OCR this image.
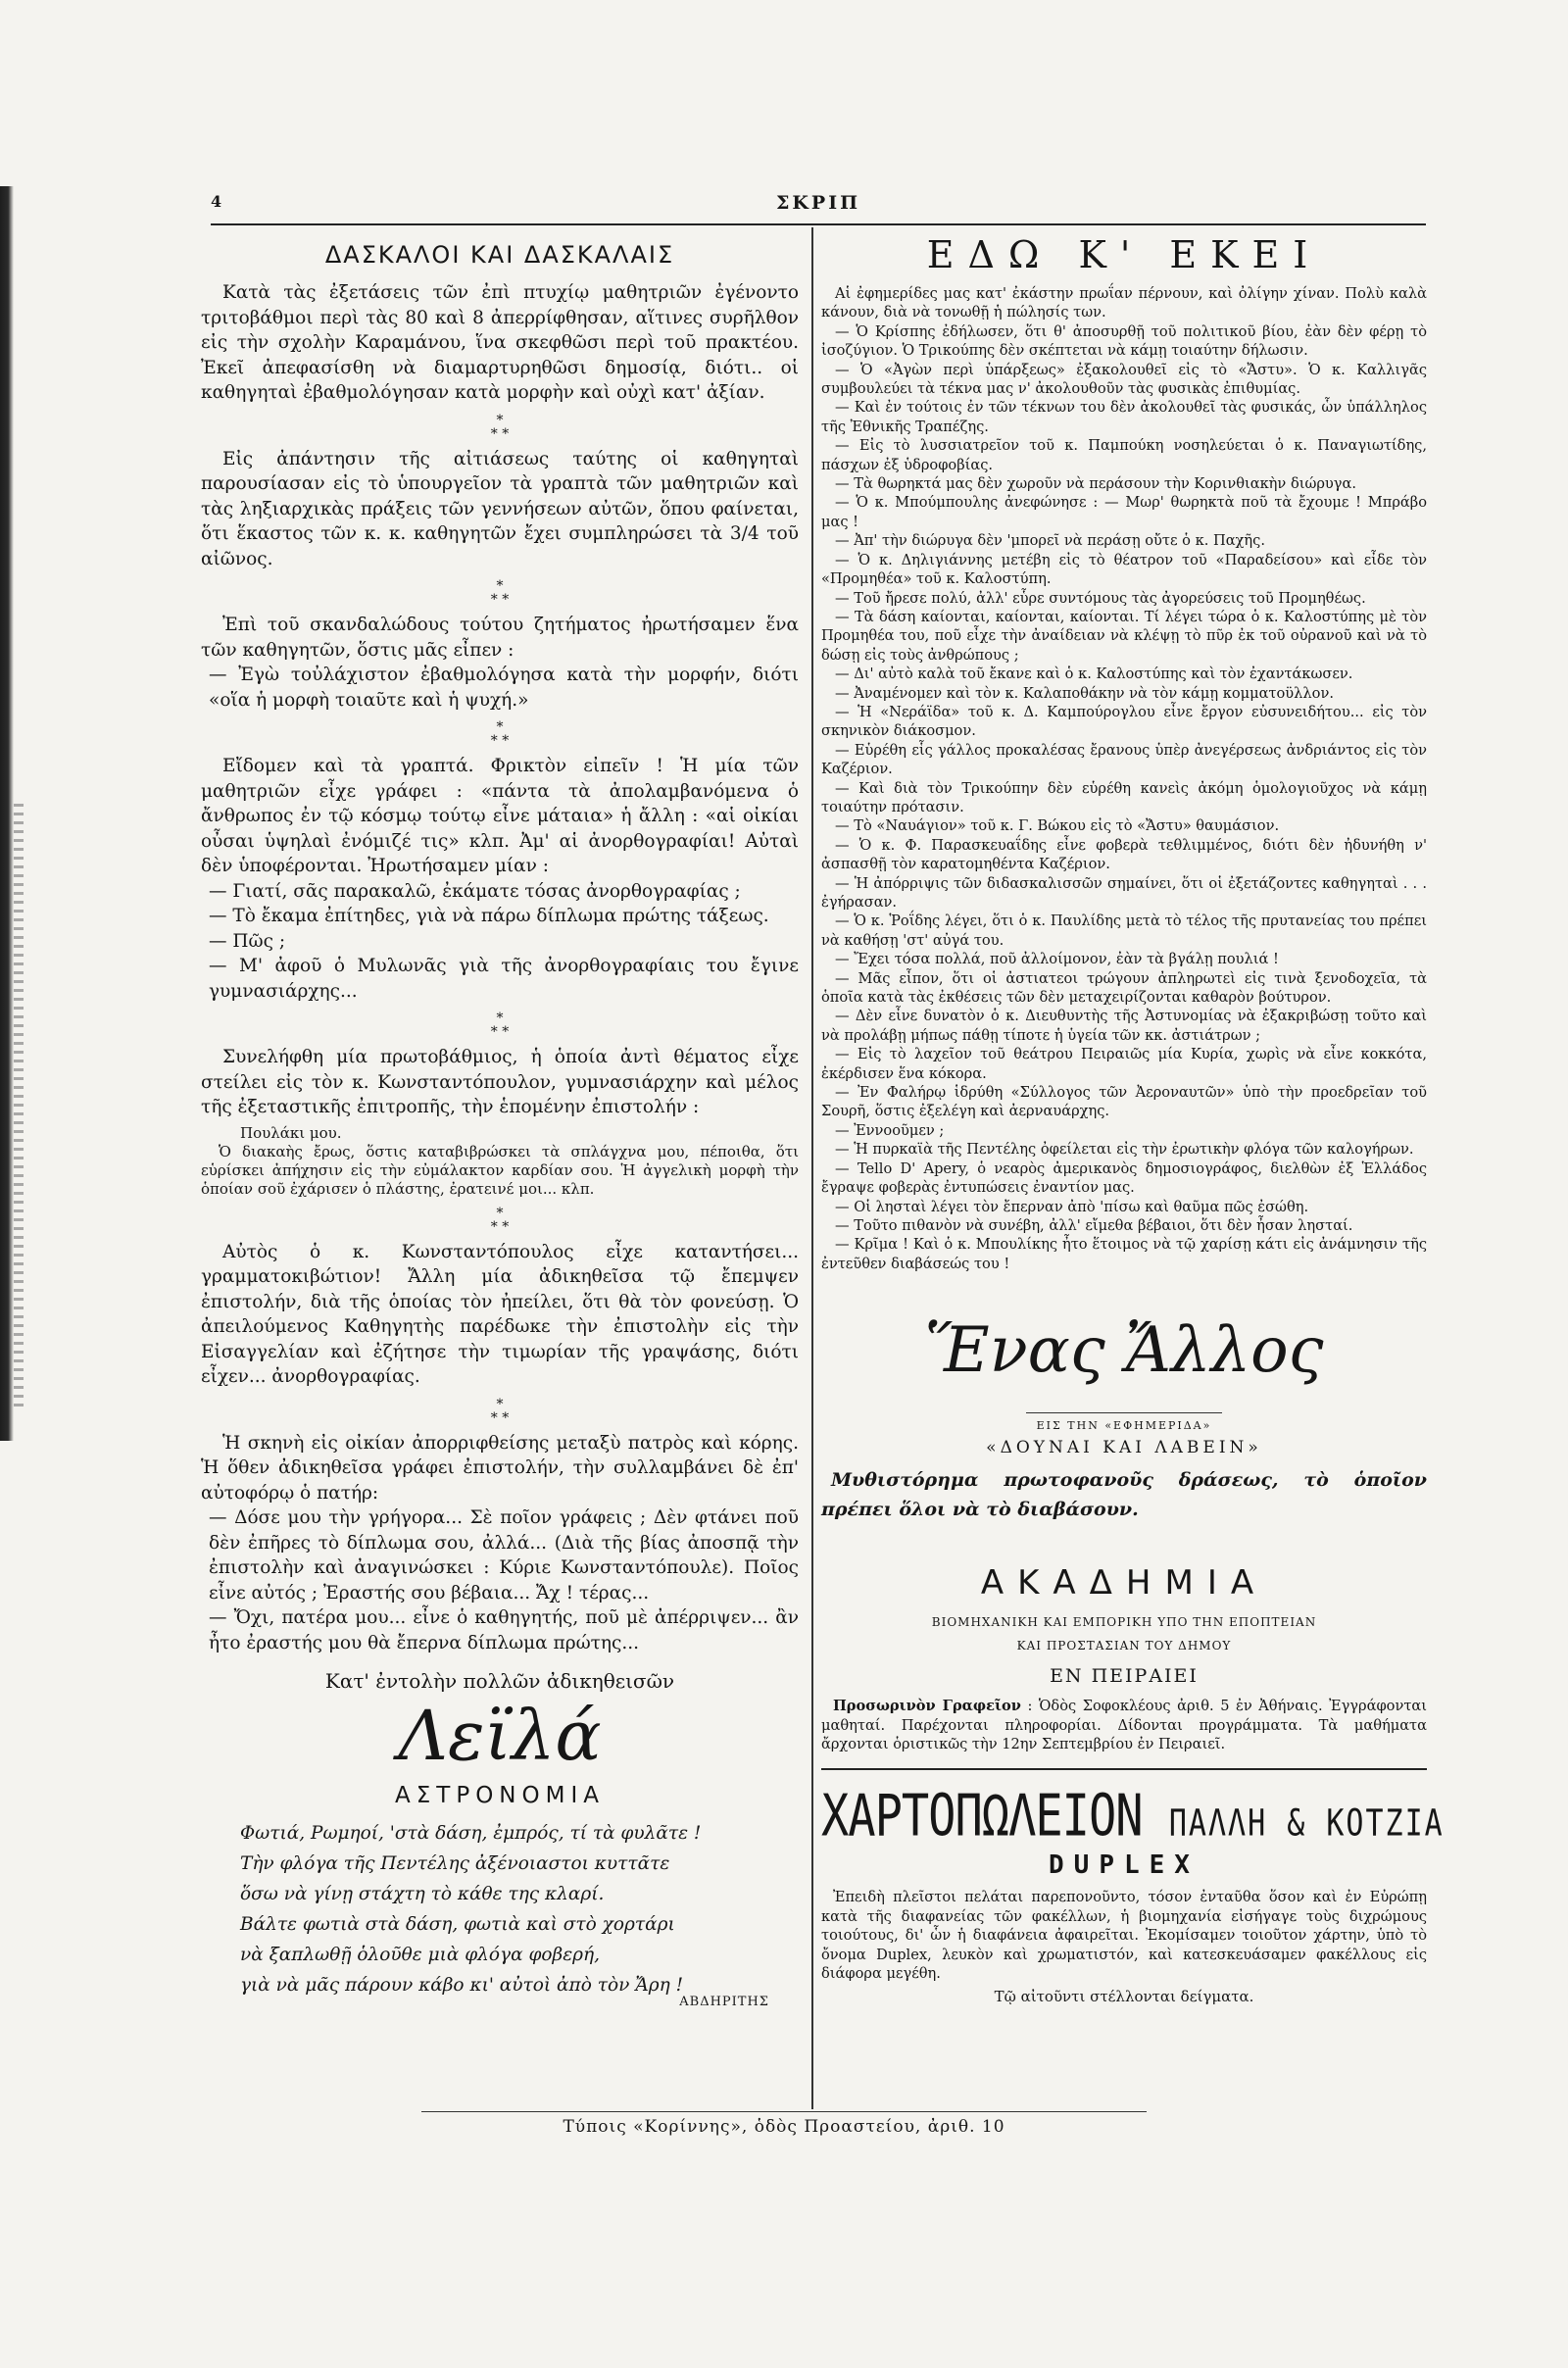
4	ΣΚΡΙΠ
ΔΑΣΚΑΛΟΙ ΚΑΙ ΔΑΣΚΑΛΑΙΣ

Κατὰ τὰς ἐξετάσεις τῶν ἐπὶ πτυχίῳ μαθητριῶν ἐγένοντο τριτοβάθμοι περὶ τὰς 80 καὶ 8 ἀπερρίφθησαν, αἵτινες συρῆλθον εἰς τὴν σχολὴν Καραμάνου, ἵνα σκεφθῶσι περὶ τοῦ πρακτέου. Ἐκεῖ ἀπεφασίσθη νὰ διαμαρτυρηθῶσι δημοσίᾳ, διότι.. οἱ καθηγηταὶ ἐβαθμολόγησαν κατὰ μορφὴν καὶ οὐχὶ κατ' ἀξίαν.

*
* *

Εἰς ἀπάντησιν τῆς αἰτιάσεως ταύτης οἱ καθηγηταὶ παρουσίασαν εἰς τὸ ὑπουργεῖον τὰ γραπτὰ τῶν μαθητριῶν καὶ τὰς ληξιαρχικὰς πράξεις τῶν γεννήσεων αὐτῶν, ὅπου φαίνεται, ὅτι ἕκαστος τῶν κ. κ. καθηγητῶν ἔχει συμπληρώσει τὰ 3/4 τοῦ αἰῶνος.

*
* *

Ἐπὶ τοῦ σκανδαλώδους τούτου ζητήματος ἠρωτήσαμεν ἕνα τῶν καθηγητῶν, ὅστις μᾶς εἶπεν :

— Ἐγὼ τοὐλάχιστον ἐβαθμολόγησα κατὰ τὴν μορφήν, διότι «οἵα ἡ μορφὴ τοιαῦτε καὶ ἡ ψυχή.»

*
* *

Εἴδομεν καὶ τὰ γραπτά. Φρικτὸν εἰπεῖν ! Ἡ μία τῶν μαθητριῶν εἶχε γράφει : «πάντα τὰ ἀπολαμβανόμενα ὁ ἄνθρωπος ἐν τῷ κόσμῳ τούτῳ εἶνε μάταια» ἡ ἄλλη : «αἱ οἰκίαι οὖσαι ὑψηλαὶ ἐνόμιζέ τις» κλπ. Ἀμ' αἱ ἀνορθογραφίαι! Αὐταὶ δὲν ὑποφέρονται. Ἠρωτήσαμεν μίαν :

— Γιατί, σᾶς παρακαλῶ, ἐκάματε τόσας ἀνορθογραφίας ;

— Τὸ ἔκαμα ἐπίτηδες, γιὰ νὰ πάρω δίπλωμα πρώτης τάξεως.

— Πῶς ;

— Μ' ἀφοῦ ὁ Μυλωνᾶς γιὰ τῆς ἀνορθογραφίαις του ἔγινε γυμνασιάρχης...

*
* *

Συνελήφθη μία πρωτοβάθμιος, ἡ ὁποία ἀντὶ θέματος εἶχε στείλει εἰς τὸν κ. Κωνσταντόπουλον, γυμνασιάρχην καὶ μέλος τῆς ἐξεταστικῆς ἐπιτροπῆς, τὴν ἑπομένην ἐπιστολήν :

Πουλάκι μου.

Ὁ διακαὴς ἔρως, ὅστις καταβιβρώσκει τὰ σπλάγχνα μου, πέποιθα, ὅτι εὑρίσκει ἀπήχησιν εἰς τὴν εὐμάλακτον καρδίαν σου. Ἡ ἀγγελικὴ μορφὴ τὴν ὁποίαν σοῦ ἐχάρισεν ὁ πλάστης, ἐρατεινέ μοι... κλπ.

*
* *

Αὐτὸς ὁ κ. Κωνσταντόπουλος εἶχε καταντήσει... γραμματοκιβώτιον! Ἄλλη μία ἀδικηθεῖσα τῷ ἔπεμψεν ἐπιστολήν, διὰ τῆς ὁποίας τὸν ἠπείλει, ὅτι θὰ τὸν φονεύσῃ. Ὁ ἀπειλούμενος Καθηγητὴς παρέδωκε τὴν ἐπιστολὴν εἰς τὴν Εἰσαγγελίαν καὶ ἐζήτησε τὴν τιμωρίαν τῆς γραψάσης, διότι εἶχεν... ἀνορθογραφίας.

*
* *

Ἡ σκηνὴ εἰς οἰκίαν ἀπορριφθείσης μεταξὺ πατρὸς καὶ κόρης. Ἡ ὅθεν ἀδικηθεῖσα γράφει ἐπιστολήν, τὴν συλλαμβάνει δὲ ἐπ' αὐτοφόρῳ ὁ πατήρ:

— Δόσε μου τὴν γρήγορα... Σὲ ποῖον γράφεις ; Δὲν φτάνει ποῦ δὲν ἐπῆρες τὸ δίπλωμα σου, ἀλλά... (Διὰ τῆς βίας ἀποσπᾷ τὴν ἐπιστολὴν καὶ ἀναγινώσκει : Κύριε Κωνσταντόπουλε). Ποῖος εἶνε αὐτός ; Ἐραστής σου βέβαια... Ἄχ ! τέρας...

— Ὄχι, πατέρα μου... εἶνε ὁ καθηγητής, ποῦ μὲ ἀπέρριψεν... ἂν ἦτο ἐραστής μου θὰ ἔπερνα δίπλωμα πρώτης...

Κατ' ἐντολὴν πολλῶν ἀδικηθεισῶν
Λεϊλά
ΑΣΤΡΟΝΟΜΙΑ
Φωτιά, Ρωμηοί, 'στὰ δάση, ἐμπρός, τί τὰ φυλᾶτε !
Τὴν φλόγα τῆς Πεντέλης ἀξένοιαστοι κυττᾶτε
ὅσω νὰ γίνῃ στάχτη τὸ κάθε της κλαρί.
Βάλτε φωτιὰ στὰ δάση, φωτιὰ καὶ στὸ χορτάρι
νὰ ξαπλωθῇ ὁλοῦθε μιὰ φλόγα φοβερή,
γιὰ νὰ μᾶς πάρουν κάβο κι' αὐτοὶ ἀπὸ τὸν Ἄρη !
ΑΒΔΗΡΙΤΗΣ
ΕΔΩ Κ' ΕΚΕΙ

Αἱ ἐφημερίδες μας κατ' ἐκάστην πρωΐαν πέρνουν, καὶ ὀλίγην χίναν. Πολὺ καλὰ κάνουν, διὰ νὰ τονωθῇ ἡ πώλησίς των.

— Ὁ Κρίσπης ἐδήλωσεν, ὅτι θ' ἀποσυρθῇ τοῦ πολιτικοῦ βίου, ἐὰν δὲν φέρῃ τὸ ἰσοζύγιον. Ὁ Τρικούπης δὲν σκέπτεται νὰ κάμῃ τοιαύτην δήλωσιν.

— Ὁ «Ἀγὼν περὶ ὑπάρξεως» ἐξακολουθεῖ εἰς τὸ «Ἄστυ». Ὁ κ. Καλλιγᾶς συμβουλεύει τὰ τέκνα μας ν' ἀκολουθοῦν τὰς φυσικὰς ἐπιθυμίας.

— Καὶ ἐν τούτοις ἐν τῶν τέκνων του δὲν ἀκολουθεῖ τὰς φυσικάς, ὧν ὑπάλληλος τῆς Ἐθνικῆς Τραπέζης.

— Εἰς τὸ λυσσιατρεῖον τοῦ κ. Παμπούκη νοσηλεύεται ὁ κ. Παναγιωτίδης, πάσχων ἐξ ὑδροφοβίας.

— Τὰ θωρηκτά μας δὲν χωροῦν νὰ περάσουν τὴν Κορινθιακὴν διώρυγα.

— Ὁ κ. Μπούμπουλης ἀνεφώνησε : — Μωρ' θωρηκτὰ ποῦ τὰ ἔχουμε ! Μπράβο μας !

— Ἀπ' τὴν διώρυγα δὲν 'μπορεῖ νὰ περάσῃ οὔτε ὁ κ. Παχῆς.

— Ὁ κ. Δηλιγιάννης μετέβη εἰς τὸ θέατρον τοῦ «Παραδείσου» καὶ εἶδε τὸν «Προμηθέα» τοῦ κ. Καλοστύπη.

— Τοῦ ἤρεσε πολύ, ἀλλ' εὗρε συντόμους τὰς ἀγορεύσεις τοῦ Προμηθέως.

— Τὰ δάση καίονται, καίονται, καίονται. Τί λέγει τώρα ὁ κ. Καλοστύπης μὲ τὸν Προμηθέα του, ποῦ εἶχε τὴν ἀναίδειαν νὰ κλέψῃ τὸ πῦρ ἐκ τοῦ οὐρανοῦ καὶ νὰ τὸ δώσῃ εἰς τοὺς ἀνθρώπους ;

— Δι' αὐτὸ καλὰ τοῦ ἔκανε καὶ ὁ κ. Καλοστύπης καὶ τὸν ἐχαντάκωσεν.

— Ἀναμένομεν καὶ τὸν κ. Καλαποθάκην νὰ τὸν κάμῃ κομματοϋλλον.

— Ἡ «Νεράϊδα» τοῦ κ. Δ. Καμπούρογλου εἶνε ἔργον εὐσυνειδήτου... εἰς τὸν σκηνικὸν διάκοσμον.

— Εὑρέθη εἷς γάλλος προκαλέσας ἔρανους ὑπὲρ ἀνεγέρσεως ἀνδριάντος εἰς τὸν Καζέριον.

— Καὶ διὰ τὸν Τρικούπην δὲν εὑρέθη κανεὶς ἀκόμη ὁμολογιοῦχος νὰ κάμῃ τοιαύτην πρότασιν.

— Τὸ «Ναυάγιον» τοῦ κ. Γ. Βώκου εἰς τὸ «Ἄστυ» θαυμάσιον.

— Ὁ κ. Φ. Παρασκευαΐδης εἶνε φοβερὰ τεθλιμμένος, διότι δὲν ἠδυνήθη ν' ἀσπασθῇ τὸν καρατομηθέντα Καζέριον.

— Ἡ ἀπόρριψις τῶν διδασκαλισσῶν σημαίνει, ὅτι οἱ ἐξετάζοντες καθηγηταὶ . . . ἐγήρασαν.

— Ὁ κ. Ῥοΐδης λέγει, ὅτι ὁ κ. Παυλίδης μετὰ τὸ τέλος τῆς πρυτανείας του πρέπει νὰ καθήσῃ 'στ' αὐγά του.

— Ἔχει τόσα πολλά, ποῦ ἀλλοίμονον, ἐὰν τὰ βγάλῃ πουλιά !

— Μᾶς εἶπον, ὅτι οἱ ἀστιατεοι τρώγουν ἀπληρωτεὶ εἰς τινὰ ξενοδοχεῖα, τὰ ὁποῖα κατὰ τὰς ἐκθέσεις τῶν δὲν μεταχειρίζονται καθαρὸν βούτυρον.

— Δὲν εἶνε δυνατὸν ὁ κ. Διευθυντὴς τῆς Ἀστυνομίας νὰ ἐξακριβώσῃ τοῦτο καὶ νὰ προλάβῃ μήπως πάθῃ τίποτε ἡ ὑγεία τῶν κκ. ἀστιάτρων ;

— Εἰς τὸ λαχεῖον τοῦ θεάτρου Πειραιῶς μία Κυρία, χωρὶς νὰ εἶνε κοκκότα, ἐκέρδισεν ἕνα κόκορα.

— Ἐν Φαλήρῳ ἱδρύθη «Σύλλογος τῶν Ἀεροναυτῶν» ὑπὸ τὴν προεδρεῖαν τοῦ Σουρῆ, ὅστις ἐξελέγη καὶ ἀερναυάρχης.

— Ἐννοοῦμεν ;

— Ἡ πυρκαϊὰ τῆς Πεντέλης ὀφείλεται εἰς τὴν ἐρωτικὴν φλόγα τῶν καλογήρων.

— Tello D' Apery, ὁ νεαρὸς ἀμερικανὸς δημοσιογράφος, διελθὼν ἐξ Ἑλλάδος ἔγραψε φοβερὰς ἐντυπώσεις ἐναντίον μας.

— Οἱ λησταὶ λέγει τὸν ἔπερναν ἀπὸ 'πίσω καὶ θαῦμα πῶς ἐσώθη.

— Τοῦτο πιθανὸν νὰ συνέβη, ἀλλ' εἴμεθα βέβαιοι, ὅτι δὲν ἦσαν λησταί.

— Κρῖμα ! Καὶ ὁ κ. Μπουλίκης ἦτο ἕτοιμος νὰ τῷ χαρίσῃ κάτι εἰς ἀνάμνησιν τῆς ἐντεῦθεν διαβάσεώς του !

Ἕνας Ἄλλος
ΕΙΣ ΤΗΝ «ΕΦΗΜΕΡΙΔΑ»
«ΔΟΥΝΑΙ ΚΑΙ ΛΑΒΕΙΝ»

Μυθιστόρημα πρωτοφανοῦς δράσεως, τὸ ὁποῖον πρέπει ὅλοι νὰ τὸ διαβάσουν.

ΑΚΑΔΗΜΙΑ
ΒΙΟΜΗΧΑΝΙΚΗ ΚΑΙ ΕΜΠΟΡΙΚΗ ΥΠΟ ΤΗΝ ΕΠΟΠΤΕΙΑΝ
ΚΑΙ ΠΡΟΣΤΑΣΙΑΝ ΤΟΥ ΔΗΜΟΥ
ΕΝ ΠΕΙΡΑΙΕΙ

Προσωρινὸν Γραφεῖον : Ὁδὸς Σοφοκλέους ἀριθ. 5 ἐν Ἀθήναις. Ἐγγράφονται μαθηταί. Παρέχονται πληροφορίαι. Δίδονται προγράμματα. Τὰ μαθήματα ἄρχονται ὁριστικῶς τὴν 12ην Σεπτεμβρίου ἐν Πειραιεῖ.

ΧΑΡΤΟΠΩΛΕΙΟΝ ΠΑΛΛΗ & ΚΟΤΖΙΑ
DUPLEX

Ἐπειδὴ πλεῖστοι πελάται παρεπονοῦντο, τόσον ἐνταῦθα ὅσον καὶ ἐν Εὐρώπῃ κατὰ τῆς διαφανείας τῶν φακέλλων, ἡ βιομηχανία εἰσήγαγε τοὺς διχρώμους τοιούτους, δι' ὧν ἡ διαφάνεια ἀφαιρεῖται. Ἐκομίσαμεν τοιοῦτον χάρτην, ὑπὸ τὸ ὄνομα Duplex, λευκὸν καὶ χρωματιστόν, καὶ κατεσκευάσαμεν φακέλλους εἰς διάφορα μεγέθη.

Τῷ αἰτοῦντι στέλλονται δείγματα.
Τύποις «Κορίννης», ὁδὸς Προαστείου, ἀριθ. 10
